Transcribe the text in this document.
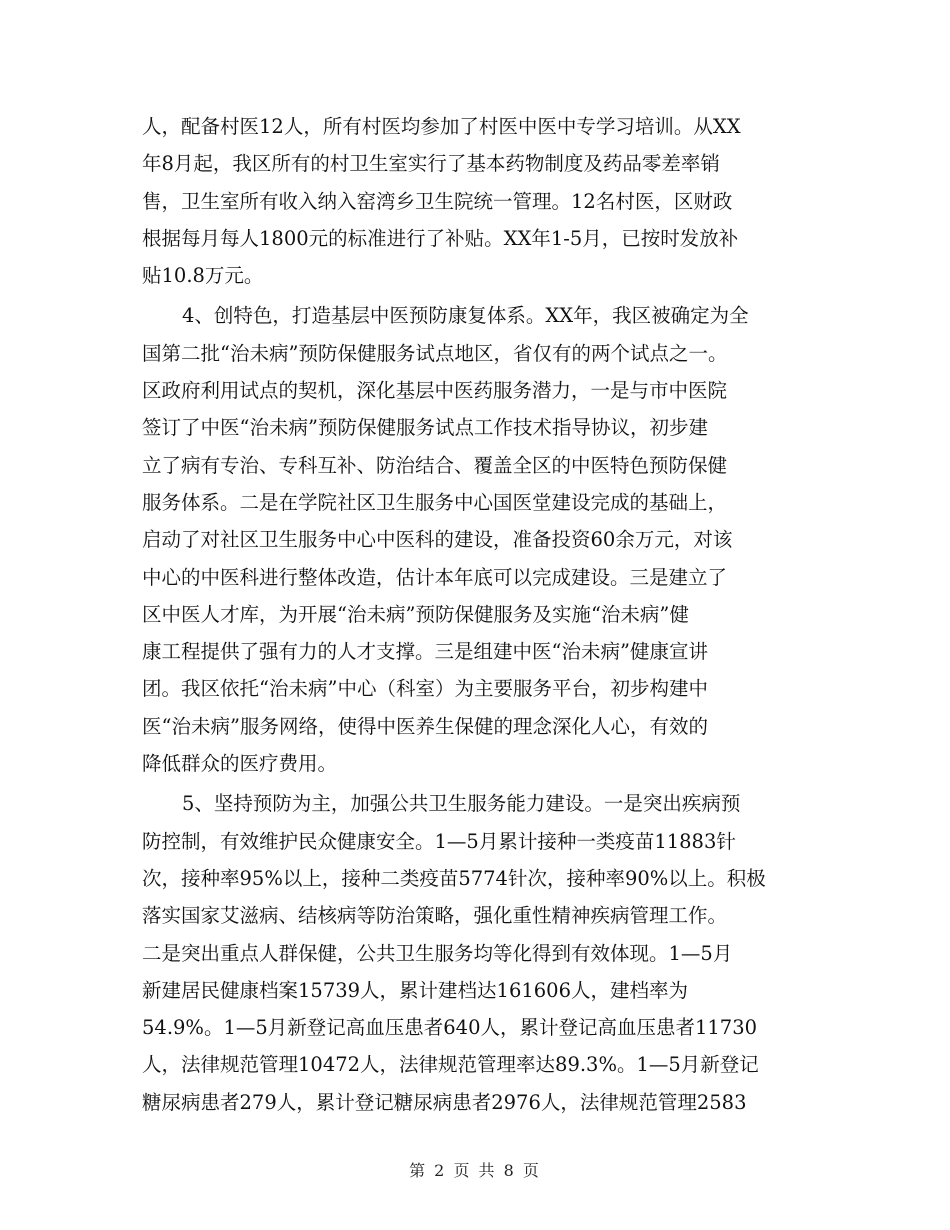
人，配备村医12人，所有村医均参加了村医中医中专学习培训。从XX
年8月起，我区所有的村卫生室实行了基本药物制度及药品零差率销
售，卫生室所有收入纳入窑湾乡卫生院统一管理。12名村医，区财政
根据每月每人1800元的标准进行了补贴。XX年1-5月，已按时发放补
贴10.8万元。
4、创特色，打造基层中医预防康复体系。XX年，我区被确定为全
国第二批“治未病”预防保健服务试点地区，省仅有的两个试点之一。
区政府利用试点的契机，深化基层中医药服务潜力，一是与市中医院
签订了中医“治未病”预防保健服务试点工作技术指导协议，初步建
立了病有专治、专科互补、防治结合、覆盖全区的中医特色预防保健
服务体系。二是在学院社区卫生服务中心国医堂建设完成的基础上，
启动了对社区卫生服务中心中医科的建设，准备投资60余万元，对该
中心的中医科进行整体改造，估计本年底可以完成建设。三是建立了
区中医人才库，为开展“治未病”预防保健服务及实施“治未病”健
康工程提供了强有力的人才支撑。三是组建中医“治未病”健康宣讲
团。我区依托“治未病”中心（科室）为主要服务平台，初步构建中
医“治未病”服务网络，使得中医养生保健的理念深化人心，有效的
降低群众的医疗费用。
5、坚持预防为主，加强公共卫生服务能力建设。一是突出疾病预
防控制，有效维护民众健康安全。1—5月累计接种一类疫苗11883针
次，接种率95%以上，接种二类疫苗5774针次，接种率90%以上。积极
落实国家艾滋病、结核病等防治策略，强化重性精神疾病管理工作。
二是突出重点人群保健，公共卫生服务均等化得到有效体现。1—5月
新建居民健康档案15739人，累计建档达161606人，建档率为
54.9%。1—5月新登记高血压患者640人，累计登记高血压患者11730
人，法律规范管理10472人，法律规范管理率达89.3%。1—5月新登记
糖尿病患者279人，累计登记糖尿病患者2976人，法律规范管理2583
第 2 页 共 8 页
